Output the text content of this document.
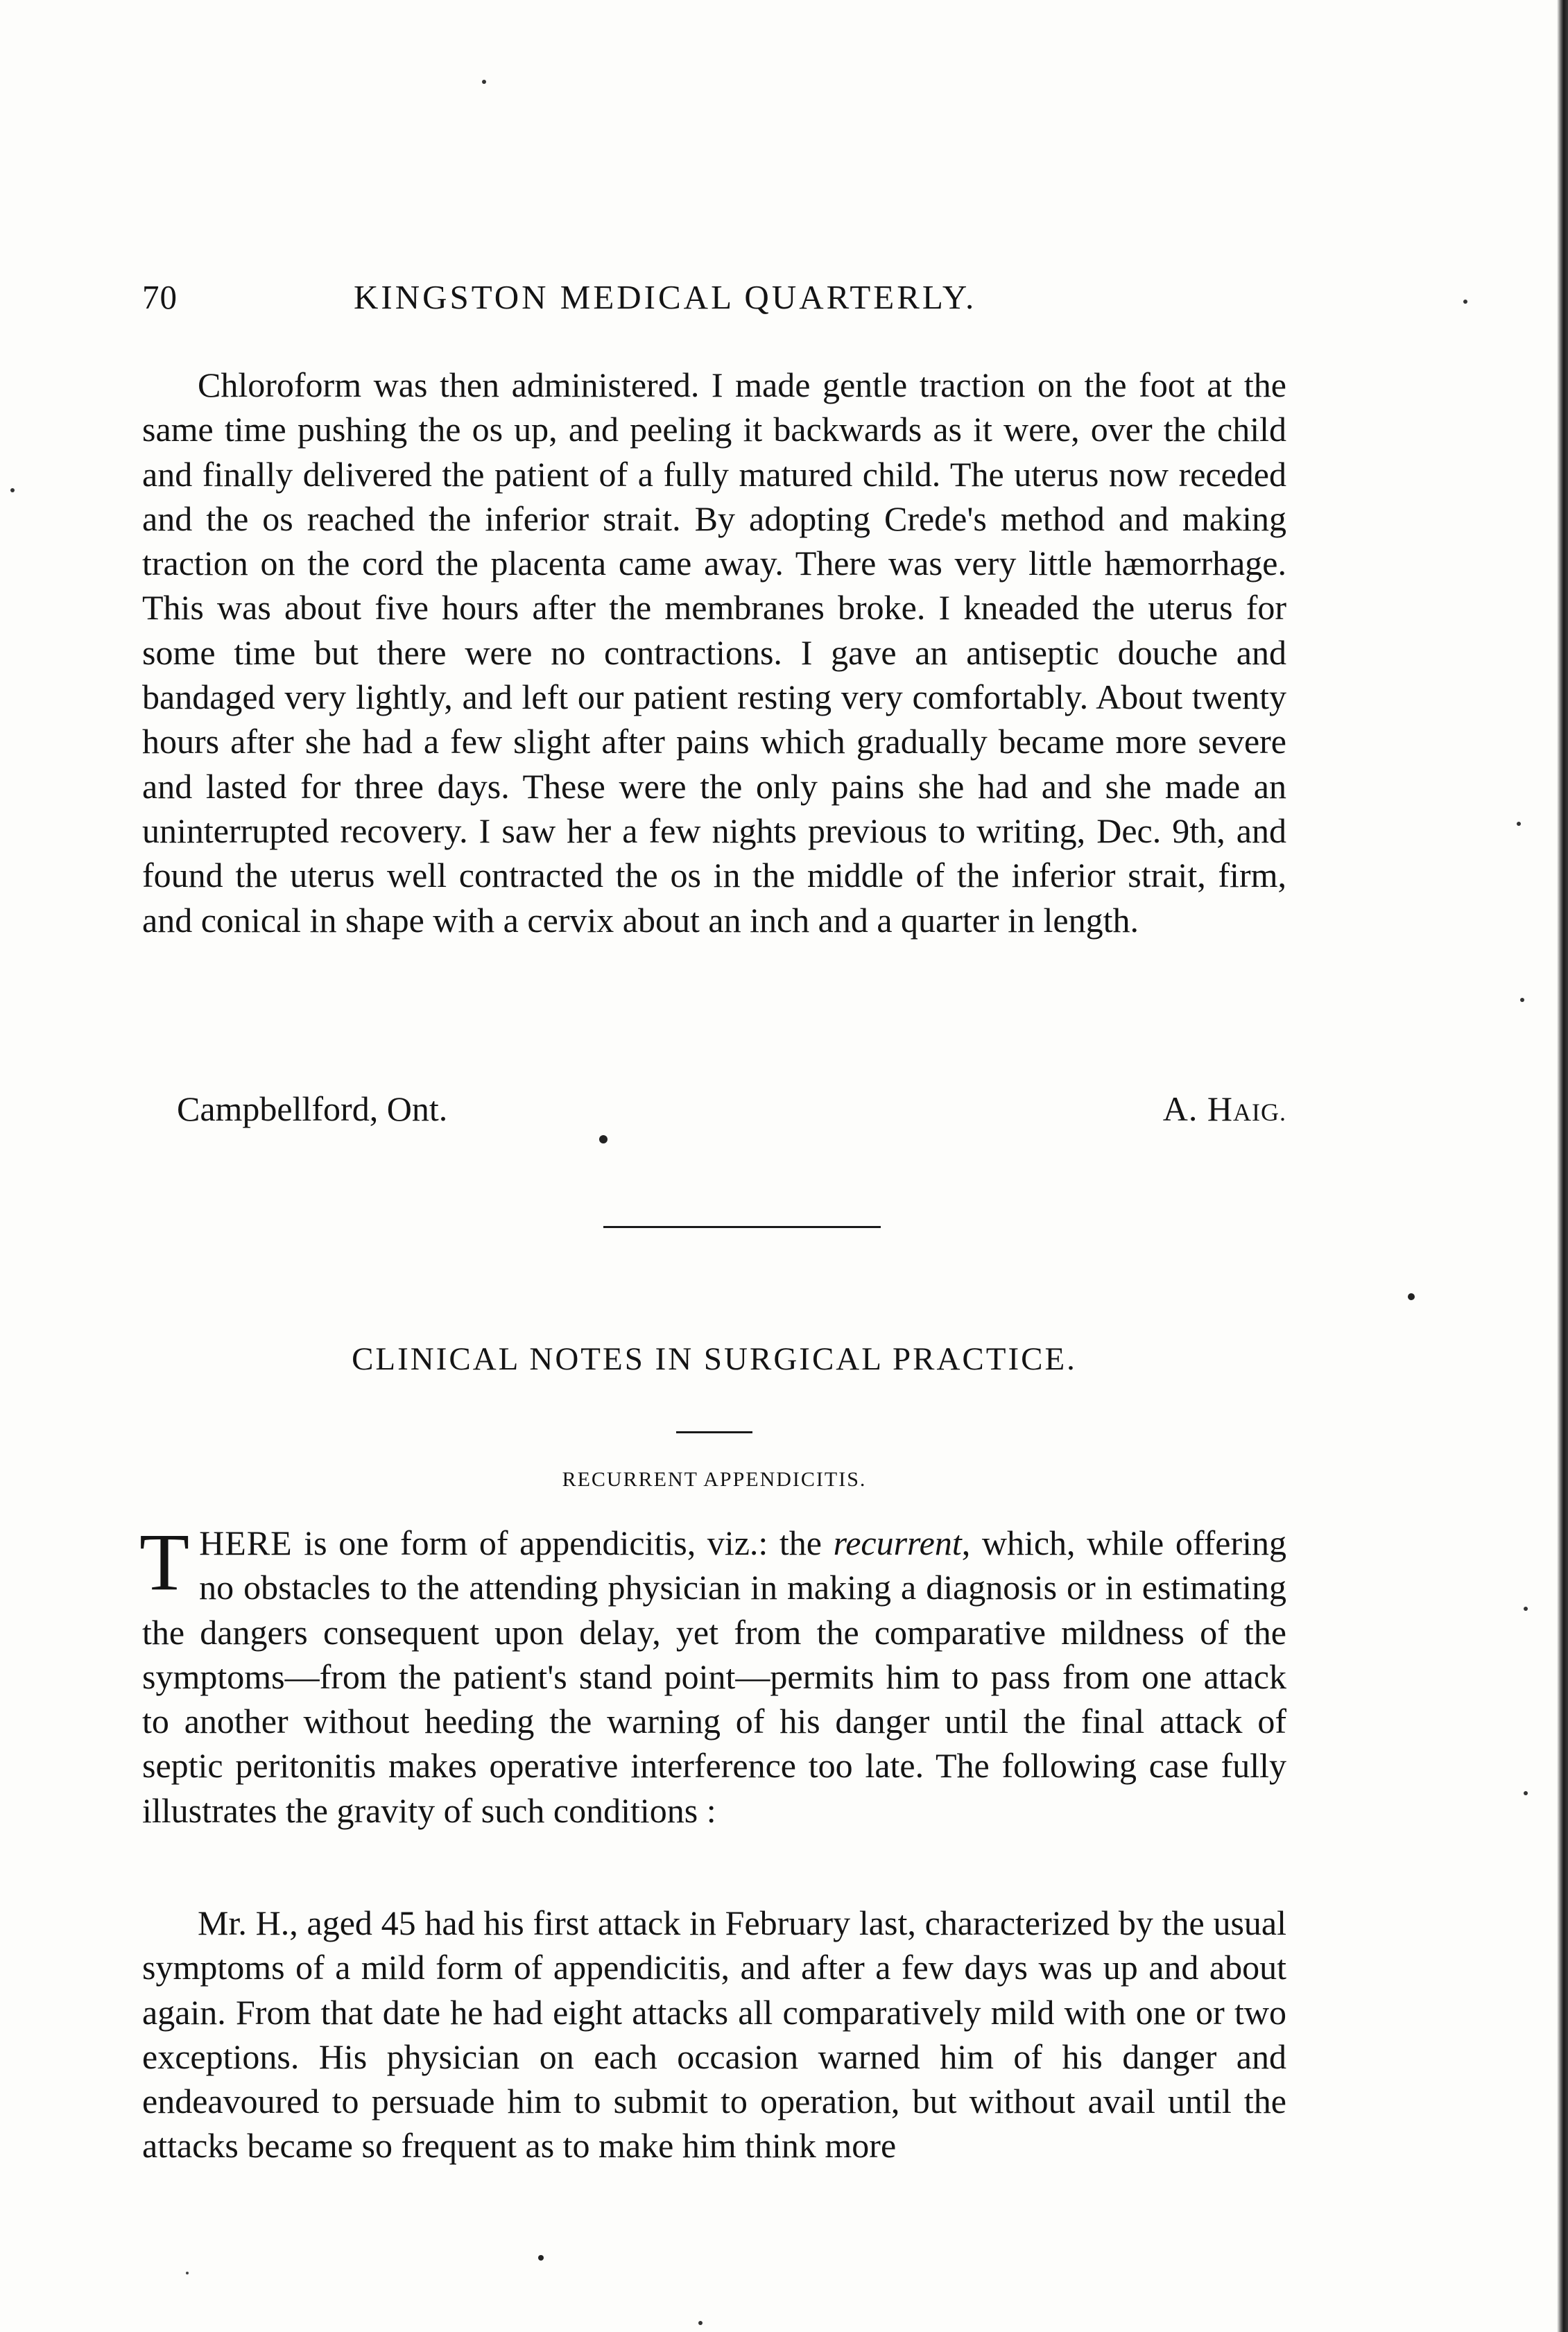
70	KINGSTON MEDICAL QUARTERLY.

Chloroform was then administered. I made gentle traction on the foot at the same time pushing the os up, and peeling it backwards as it were, over the child and finally delivered the patient of a fully matured child. The uterus now receded and the os reached the inferior strait. By adopting Crede's method and making traction on the cord the placenta came away. There was very little hæmorrhage. This was about five hours after the membranes broke. I kneaded the uterus for some time but there were no contractions. I gave an antiseptic douche and bandaged very lightly, and left our patient resting very comfortably. About twenty hours after she had a few slight after pains which gradually became more severe and lasted for three days. These were the only pains she had and she made an uninterrupted recovery. I saw her a few nights previous to writing, Dec. 9th, and found the uterus well contracted the os in the middle of the inferior strait, firm, and conical in shape with a cervix about an inch and a quarter in length.

Campbellford, Ont.	A. HAIG.
CLINICAL NOTES IN SURGICAL PRACTICE.
RECURRENT APPENDICITIS.

THERE is one form of appendicitis, viz.: the recurrent, which, while offering no obstacles to the attending physician in making a diagnosis or in estimating the dangers consequent upon delay, yet from the comparative mildness of the symptoms—from the patient's stand point—permits him to pass from one attack to another without heeding the warning of his danger until the final attack of septic peritonitis makes operative interference too late. The following case fully illustrates the gravity of such conditions :

Mr. H., aged 45 had his first attack in February last, characterized by the usual symptoms of a mild form of appendicitis, and after a few days was up and about again. From that date he had eight attacks all comparatively mild with one or two exceptions. His physician on each occasion warned him of his danger and endeavoured to persuade him to submit to operation, but without avail until the attacks became so frequent as to make him think more
